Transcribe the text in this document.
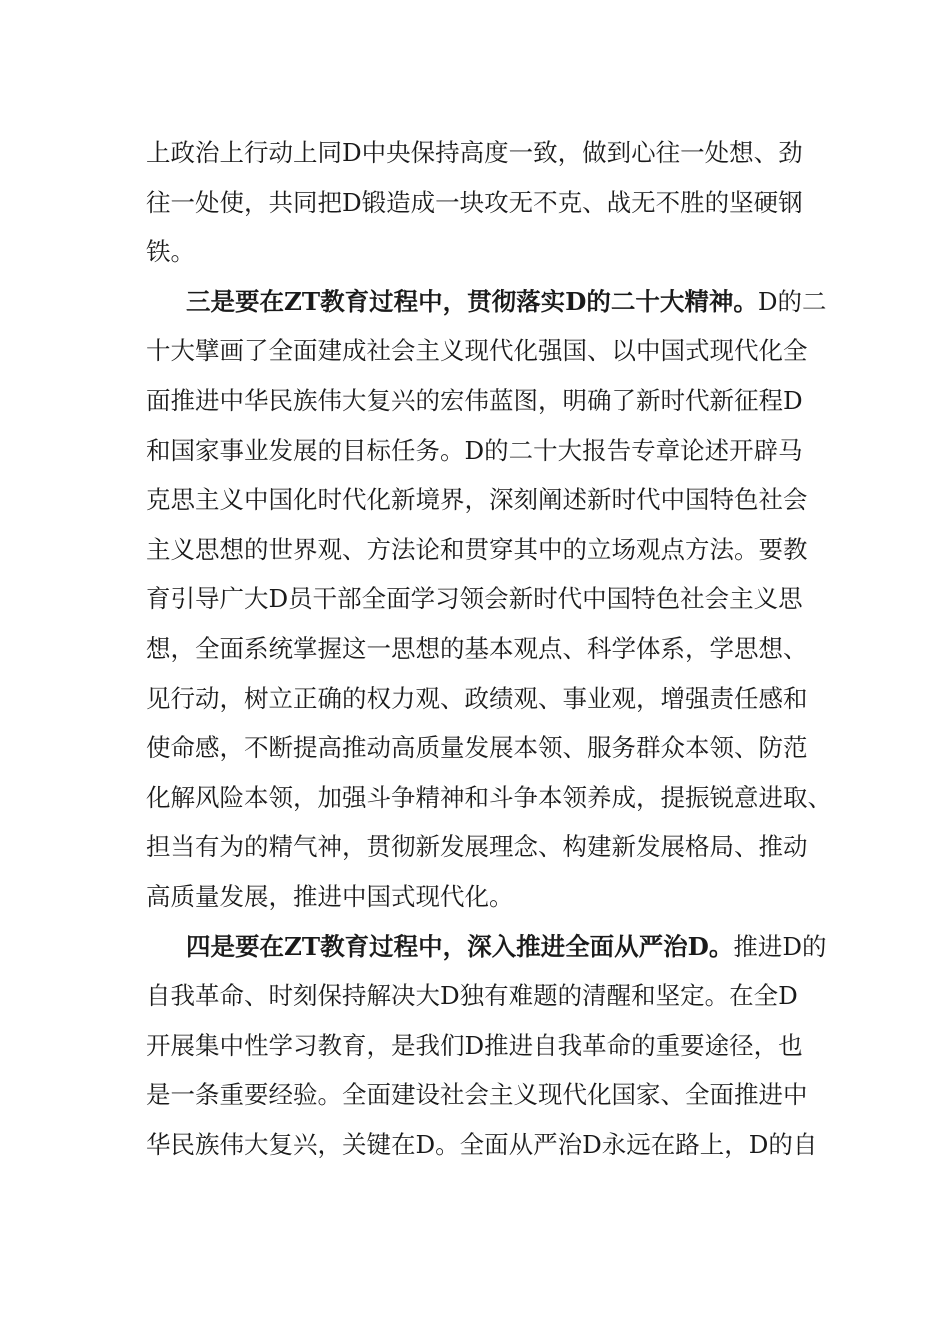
上政治上行动上同D中央保持高度一致，做到心往一处想、劲
往一处使，共同把D锻造成一块攻无不克、战无不胜的坚硬钢
铁。
三是要在ZT教育过程中，贯彻落实D的二十大精神。D的二
十大擘画了全面建成社会主义现代化强国、以中国式现代化全
面推进中华民族伟大复兴的宏伟蓝图，明确了新时代新征程D
和国家事业发展的目标任务。D的二十大报告专章论述开辟马
克思主义中国化时代化新境界，深刻阐述新时代中国特色社会
主义思想的世界观、方法论和贯穿其中的立场观点方法。要教
育引导广大D员干部全面学习领会新时代中国特色社会主义思
想，全面系统掌握这一思想的基本观点、科学体系，学思想、
见行动，树立正确的权力观、政绩观、事业观，增强责任感和
使命感，不断提高推动高质量发展本领、服务群众本领、防范
化解风险本领，加强斗争精神和斗争本领养成，提振锐意进取、
担当有为的精气神，贯彻新发展理念、构建新发展格局、推动
高质量发展，推进中国式现代化。
四是要在ZT教育过程中，深入推进全面从严治D。推进D的
自我革命、时刻保持解决大D独有难题的清醒和坚定。在全D
开展集中性学习教育，是我们D推进自我革命的重要途径，也
是一条重要经验。全面建设社会主义现代化国家、全面推进中
华民族伟大复兴，关键在D。全面从严治D永远在路上，D的自
